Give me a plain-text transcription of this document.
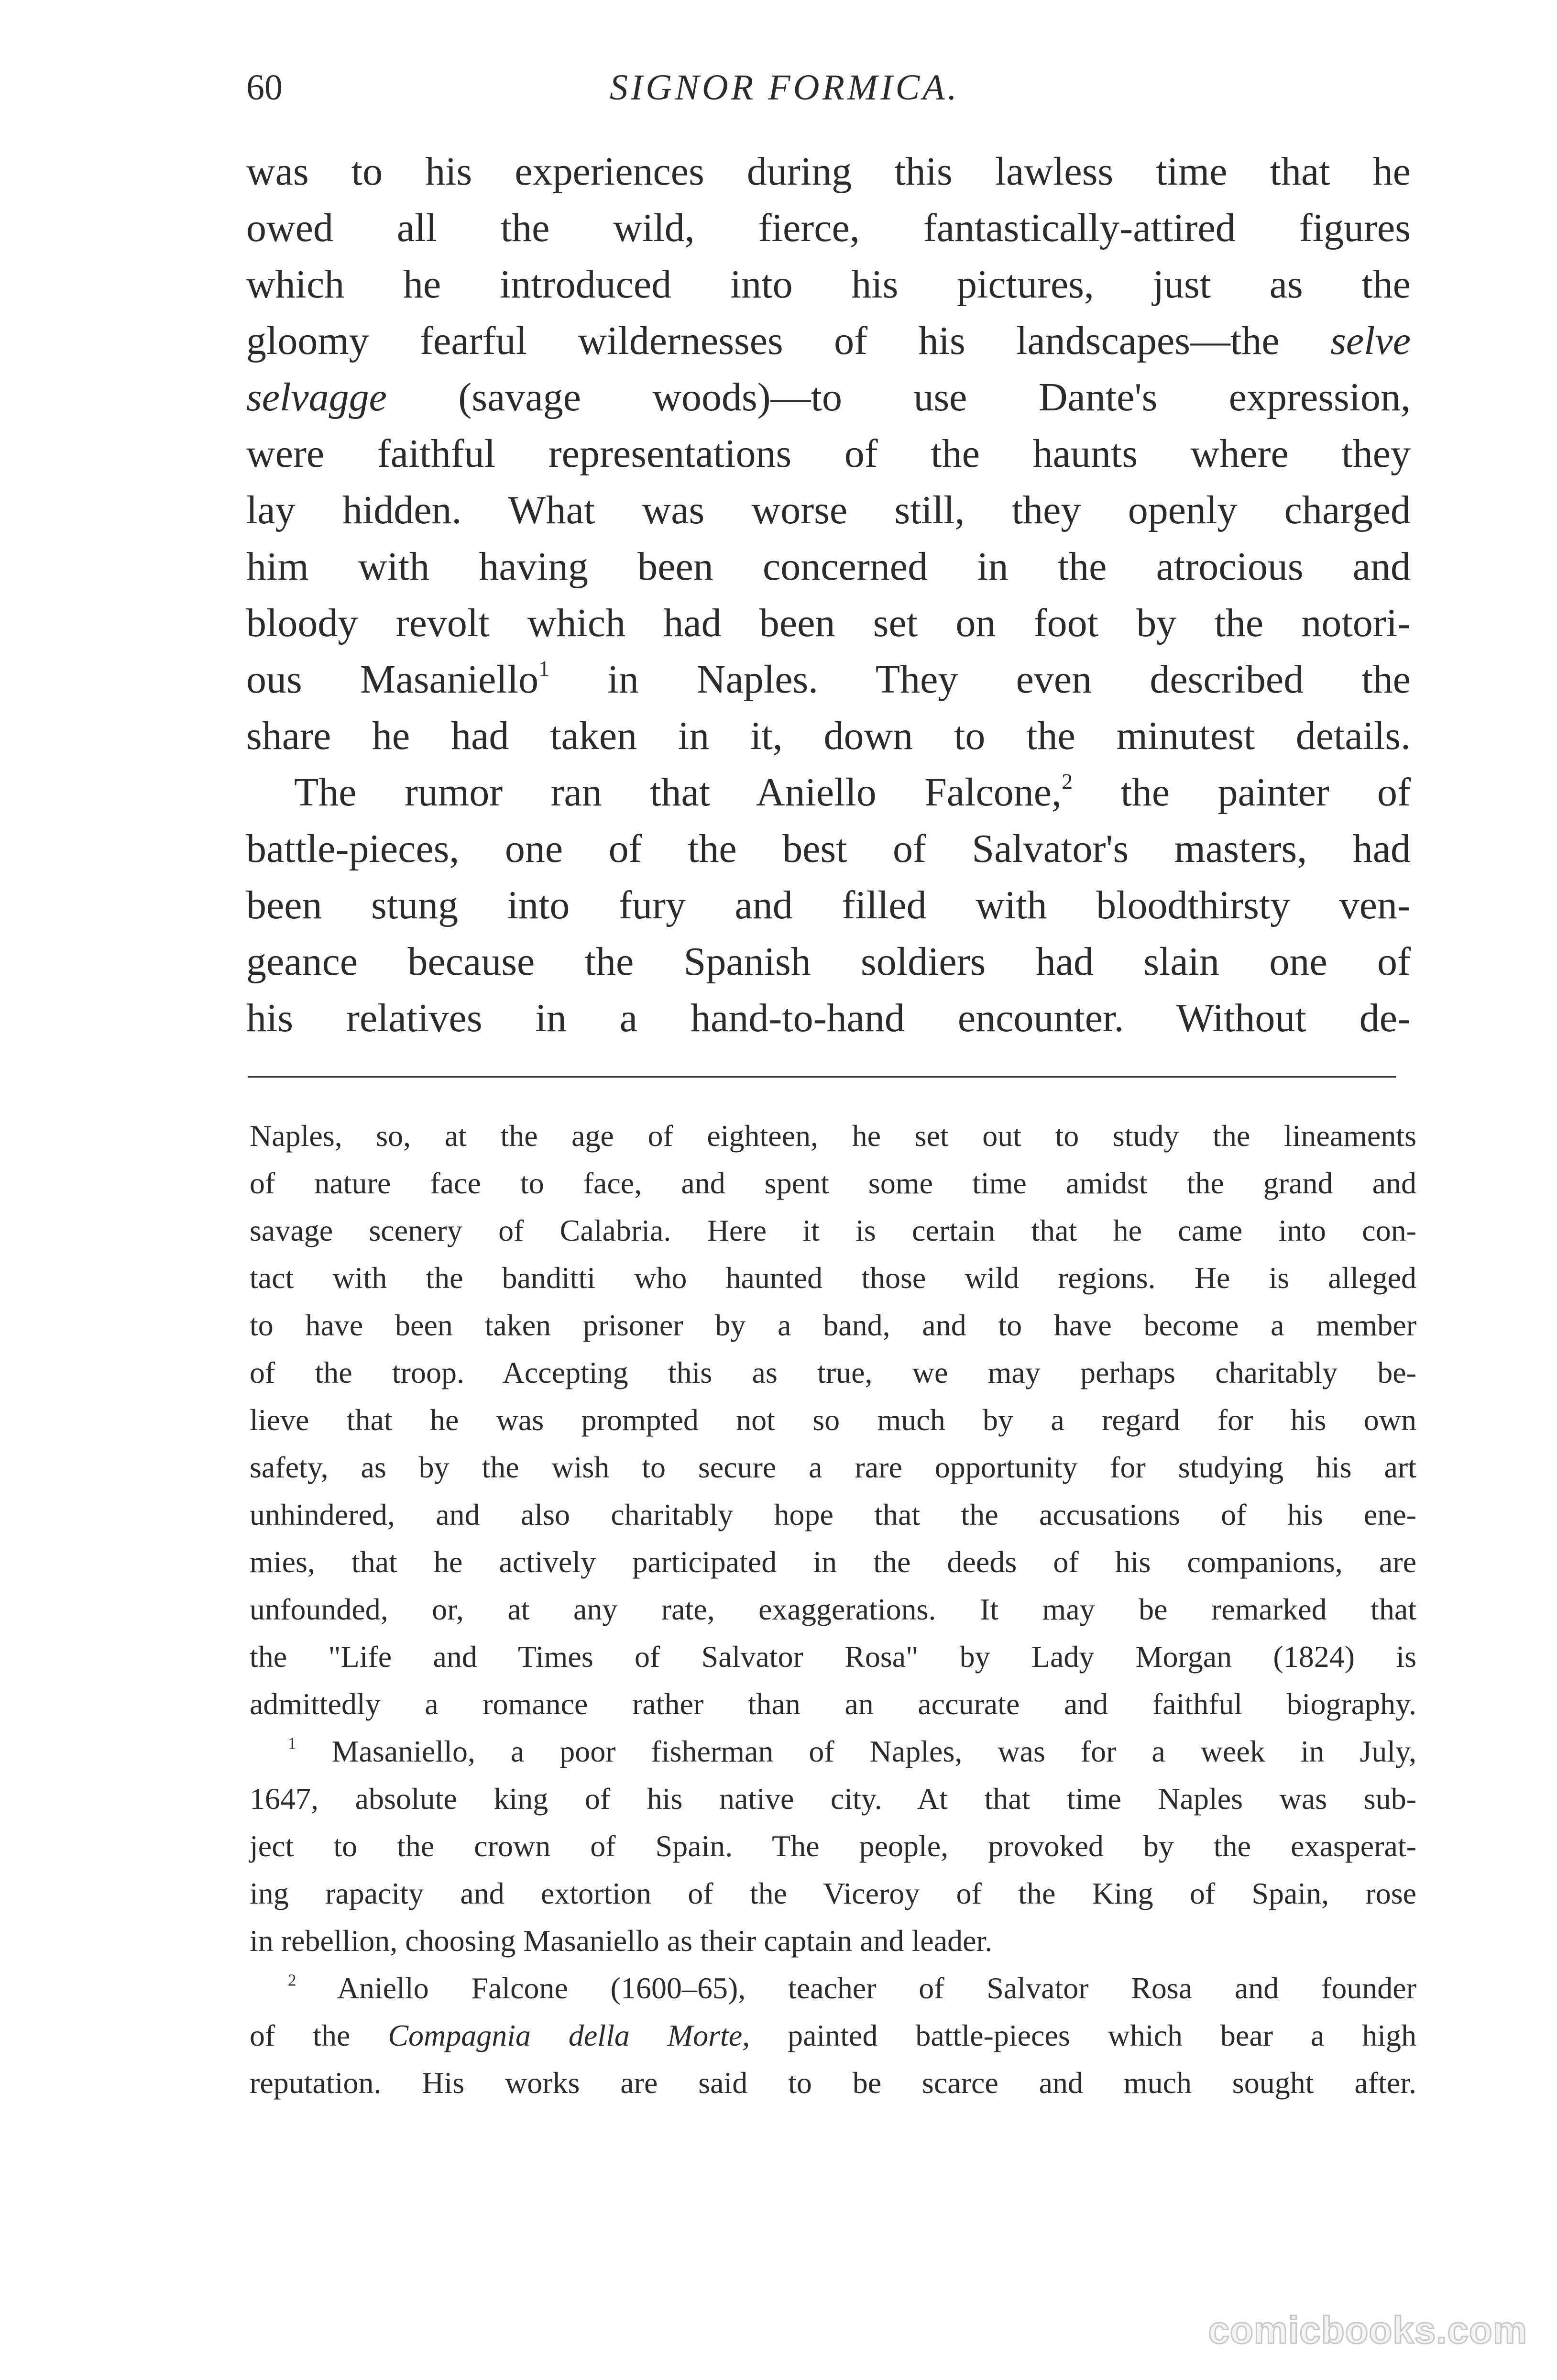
60	SIGNOR FORMICA.

was to his experiences during this lawless time that he
owed all the wild, fierce, fantastically-attired figures
which he introduced into his pictures, just as the
gloomy fearful wildernesses of his landscapes—the selve
selvagge (savage woods)—to use Dante's expression,
were faithful representations of the haunts where they
lay hidden. What was worse still, they openly charged
him with having been concerned in the atrocious and
bloody revolt which had been set on foot by the notori-
ous Masaniello$^1$ in Naples. They even described the
share he had taken in it, down to the minutest details.

The rumor ran that Aniello Falcone,$^2$ the painter of

battle-pieces, one of the best of Salvator's masters, had
been stung into fury and filled with bloodthirsty ven-
geance because the Spanish soldiers had slain one of
his relatives in a hand-to-hand encounter. Without de-

Naples, so, at the age of eighteen, he set out to study the lineaments
of nature face to face, and spent some time amidst the grand and
savage scenery of Calabria. Here it is certain that he came into con-
tact with the banditti who haunted those wild regions. He is alleged
to have been taken prisoner by a band, and to have become a member
of the troop. Accepting this as true, we may perhaps charitably be-
lieve that he was prompted not so much by a regard for his own
safety, as by the wish to secure a rare opportunity for studying his art
unhindered, and also charitably hope that the accusations of his ene-
mies, that he actively participated in the deeds of his companions, are
unfounded, or, at any rate, exaggerations. It may be remarked that
the "Life and Times of Salvator Rosa" by Lady Morgan (1824) is
admittedly a romance rather than an accurate and faithful biography.

$^1$ Masaniello, a poor fisherman of Naples, was for a week in July,
1647, absolute king of his native city. At that time Naples was sub-
ject to the crown of Spain. The people, provoked by the exasperat-
ing rapacity and extortion of the Viceroy of the King of Spain, rose
in rebellion, choosing Masaniello as their captain and leader.

$^2$ Aniello Falcone (1600–65), teacher of Salvator Rosa and founder
of the Compagnia della Morte, painted battle-pieces which bear a high
reputation. His works are said to be scarce and much sought after.

comicbooks.com
